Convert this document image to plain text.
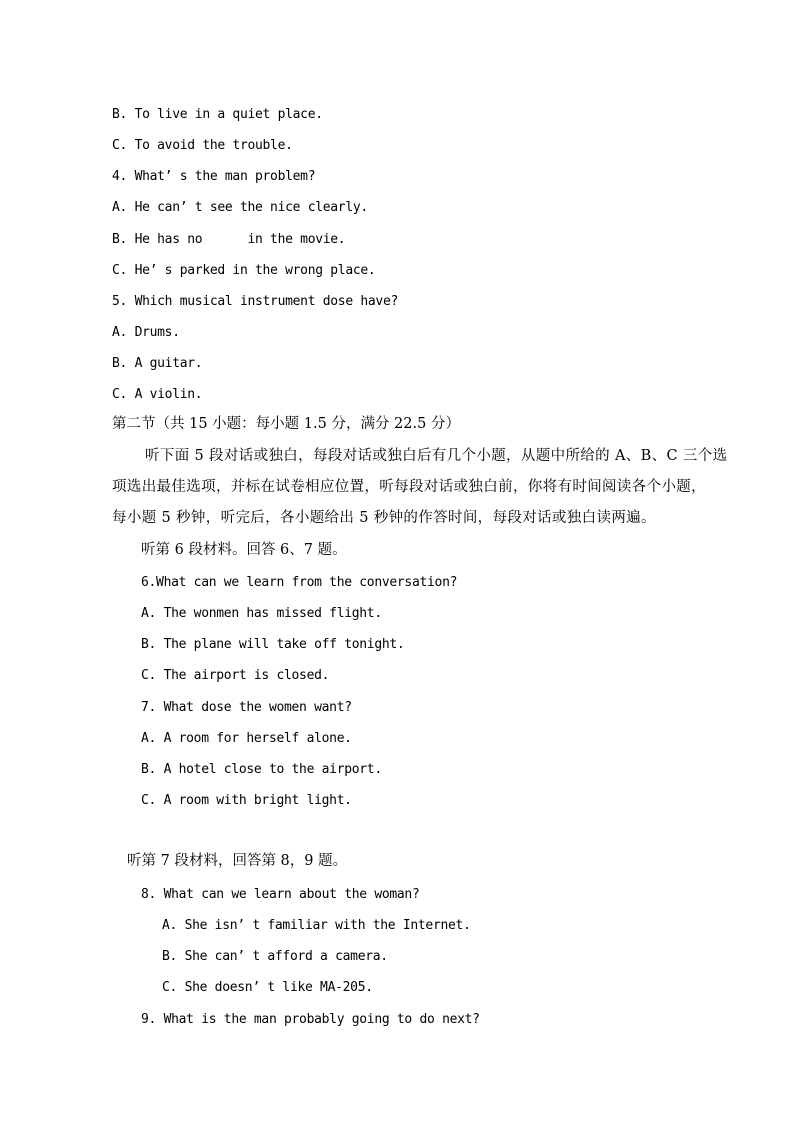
B. To live in a quiet place.
C. To avoid the trouble.
4. What’ s the man problem?
A. He can’ t see the nice clearly.
B. He has no      in the movie.
C. He’ s parked in the wrong place.
5. Which musical instrument dose have?
A. Drums.
B. A guitar.
C. A violin.
第二节（共 15 小题：每小题 1.5 分，满分 22.5 分）
听下面 5 段对话或独白，每段对话或独白后有几个小题，从题中所给的 A、B、C 三个选
项选出最佳选项，并标在试卷相应位置，听每段对话或独白前，你将有时间阅读各个小题，
每小题 5 秒钟，听完后，各小题给出 5 秒钟的作答时间，每段对话或独白读两遍。
听第 6 段材料。回答 6、7 题。
6.What can we learn from the conversation?
A. The wonmen has missed flight.
B. The plane will take off tonight.
C. The airport is closed.
7. What dose the women want?
A. A room for herself alone.
B. A hotel close to the airport.
C. A room with bright light.
听第 7 段材料，回答第 8，9 题。
8. What can we learn about the woman?
A. She isn’ t familiar with the Internet.
B. She can’ t afford a camera.
C. She doesn’ t like MA-205.
9. What is the man probably going to do next?
